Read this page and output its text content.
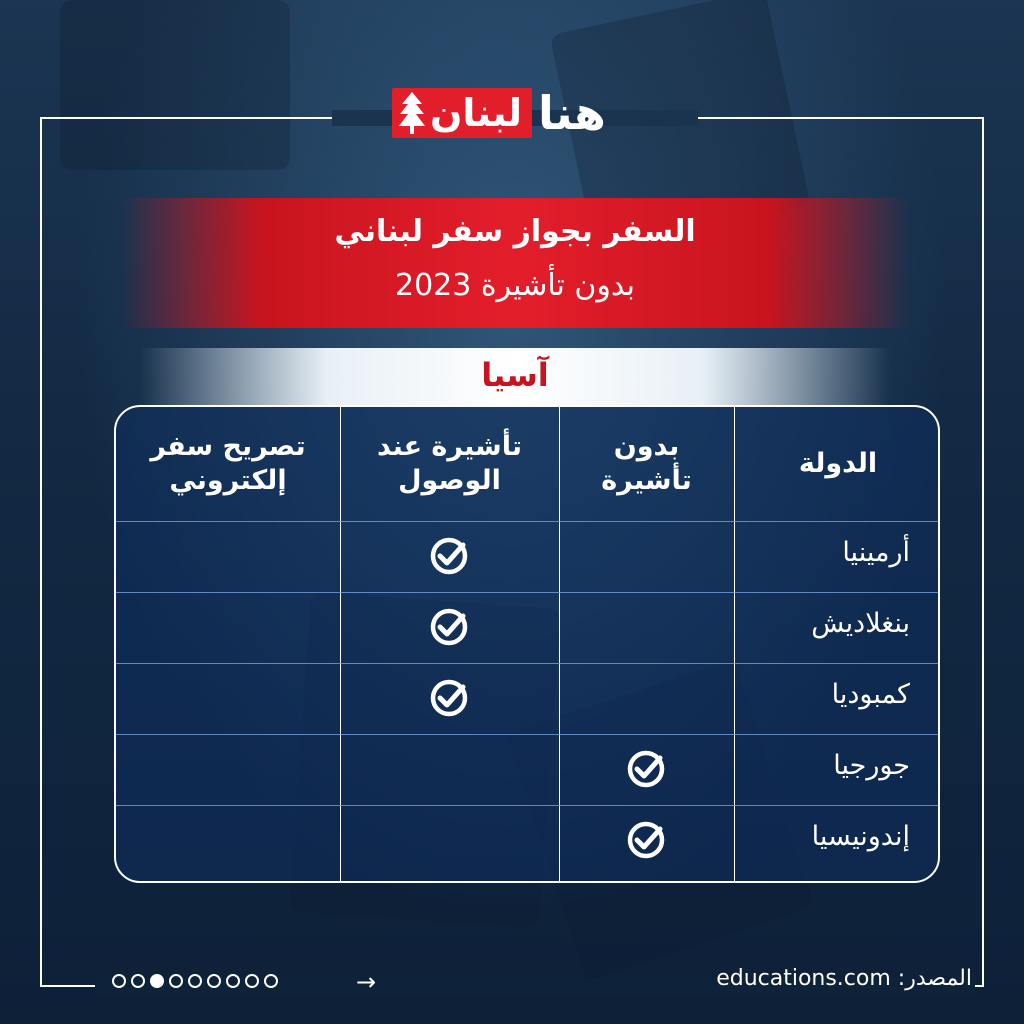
لبنان هنا
السفر بجواز سفر لبناني
بدون تأشيرة 2023
آسيا
تصريح سفر إلكتروني
تأشيرة عند الوصول
بدون تأشيرة
الدولة
أرمينيا
بنغلاديش
كمبوديا
جورجيا
إندونيسيا
→	المصدر: educations.com
